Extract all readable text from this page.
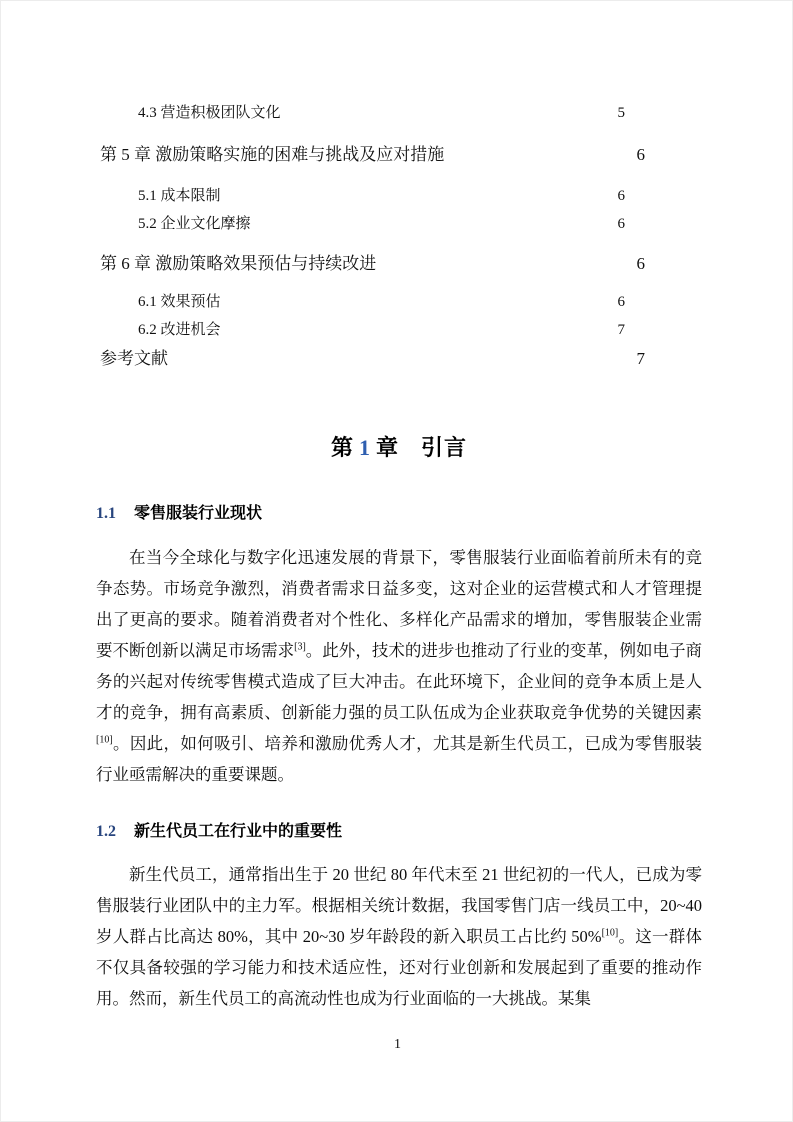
4.3 营造积极团队文化	5
第 5 章 激励策略实施的困难与挑战及应对措施	6
5.1 成本限制	6
5.2 企业文化摩擦	6
第 6 章 激励策略效果预估与持续改进	6
6.1 效果预估	6
6.2 改进机会	7
参考文献	7
第 1 章 引言
1.1 零售服装行业现状

在当今全球化与数字化迅速发展的背景下，零售服装行业面临着前所未有的竞争态势。市场竞争激烈，消费者需求日益多变，这对企业的运营模式和人才管理提出了更高的要求。随着消费者对个性化、多样化产品需求的增加，零售服装企业需要不断创新以满足市场需求[3]。此外，技术的进步也推动了行业的变革，例如电子商务的兴起对传统零售模式造成了巨大冲击。在此环境下，企业间的竞争本质上是人才的竞争，拥有高素质、创新能力强的员工队伍成为企业获取竞争优势的关键因素[10]。因此，如何吸引、培养和激励优秀人才，尤其是新生代员工，已成为零售服装行业亟需解决的重要课题。

1.2 新生代员工在行业中的重要性

新生代员工，通常指出生于 20 世纪 80 年代末至 21 世纪初的一代人，已成为零售服装行业团队中的主力军。根据相关统计数据，我国零售门店一线员工中，20~40 岁人群占比高达 80%，其中 20~30 岁年龄段的新入职员工占比约 50%[10]。这一群体不仅具备较强的学习能力和技术适应性，还对行业创新和发展起到了重要的推动作用。然而，新生代员工的高流动性也成为行业面临的一大挑战。某集

1
